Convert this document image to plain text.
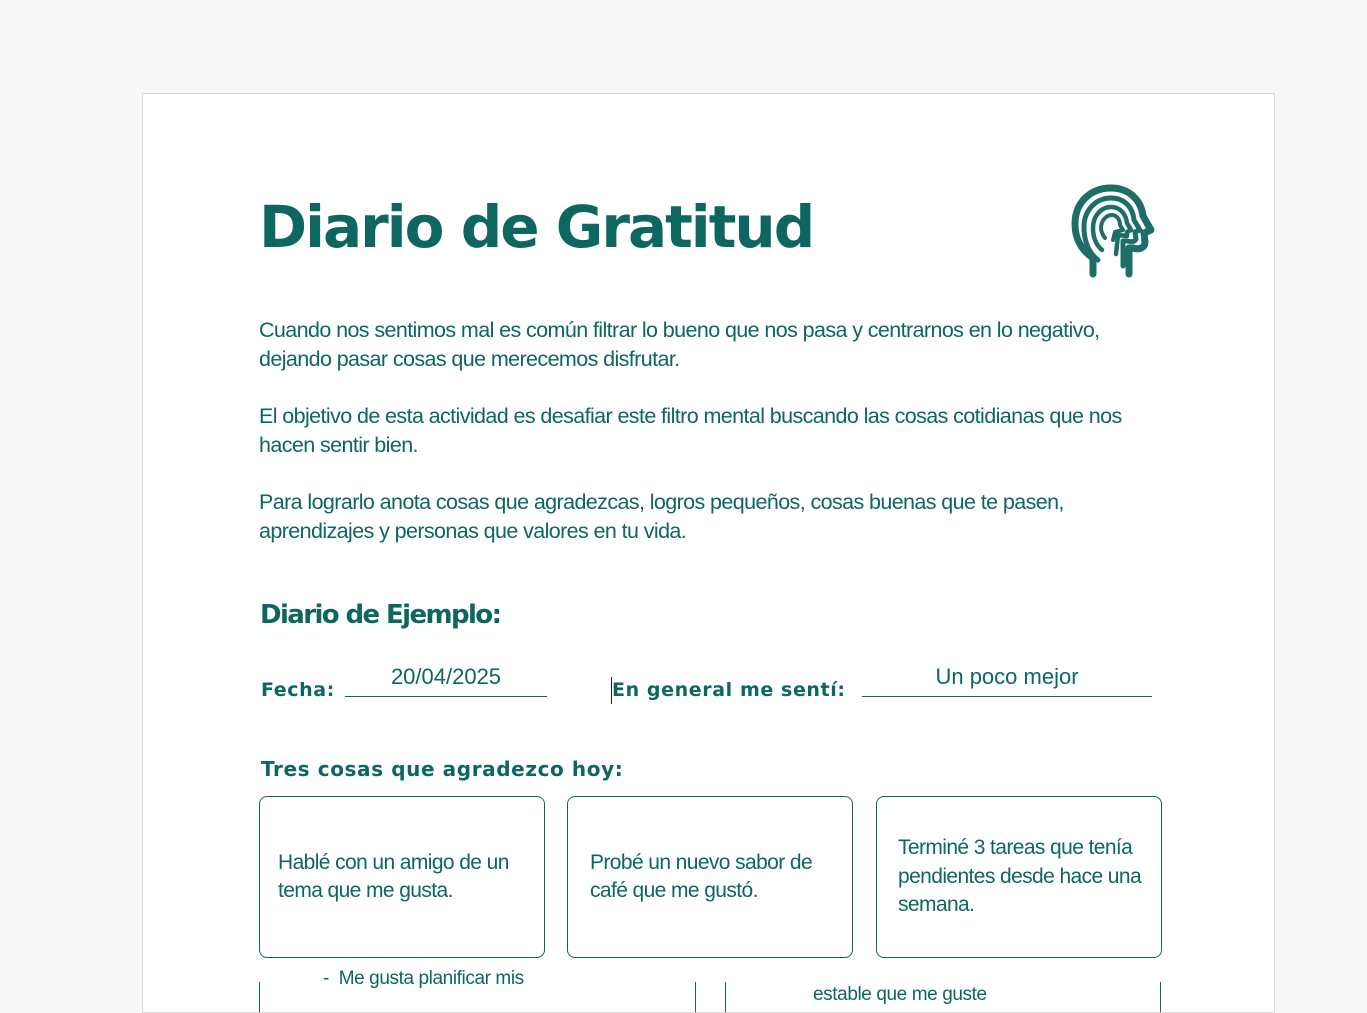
Diario de Gratitud

Cuando nos sentimos mal es común filtrar lo bueno que nos pasa y centrarnos en lo negativo, dejando pasar cosas que merecemos disfrutar.

El objetivo de esta actividad es desafiar este filtro mental buscando las cosas cotidianas que nos hacen sentir bien.

Para lograrlo anota cosas que agradezcas, logros pequeños, cosas buenas que te pasen, aprendizajes y personas que valores en tu vida.

Diario de Ejemplo:
Fecha:
20/04/2025
En general me sentí:
Un poco mejor
Tres cosas que agradezco hoy:
Hablé con un amigo de un tema que me gusta.
Probé un nuevo sabor de café que me gustó.
Terminé 3 tareas que tenía pendientes desde hace una semana.
-  Me gusta planificar mis
estable que me guste
